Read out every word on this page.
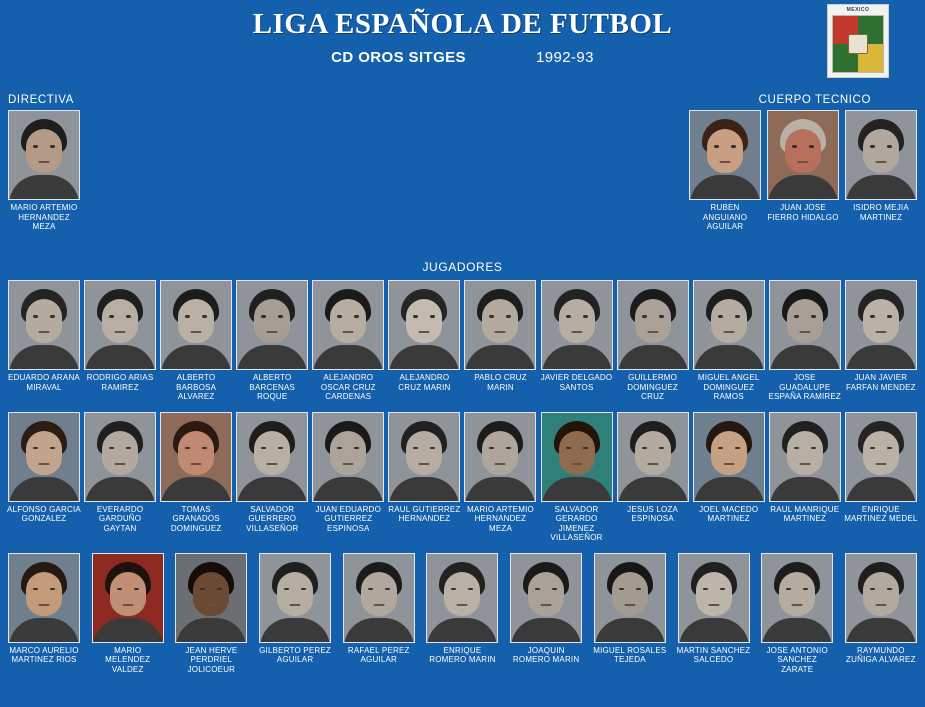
LIGA ESPAÑOLA DE FUTBOL
CD OROS SITGES	1992-93
MEXICO
DIRECTIVA	CUERPO TECNICO
JUGADORES
MARIO ARTEMIO HERNANDEZ MEZA
RUBEN ANGUIANO AGUILAR
JUAN JOSE FIERRO HIDALGO
ISIDRO MEJIA MARTINEZ
EDUARDO ARANA MIRAVAL
RODRIGO ARIAS RAMIREZ
ALBERTO BARBOSA ALVAREZ
ALBERTO BARCENAS ROQUE
ALEJANDRO OSCAR CRUZ CARDENAS
ALEJANDRO CRUZ MARIN
PABLO CRUZ MARIN
JAVIER DELGADO SANTOS
GUILLERMO DOMINGUEZ CRUZ
MIGUEL ANGEL DOMINGUEZ RAMOS
JOSE GUADALUPE ESPAÑA RAMIREZ
JUAN JAVIER FARFAN MENDEZ
ALFONSO GARCIA GONZALEZ
EVERARDO GARDUÑO GAYTAN
TOMAS GRANADOS DOMINGUEZ
SALVADOR GUERRERO VILLASEÑOR
JUAN EDUARDO GUTIERREZ ESPINOSA
RAUL GUTIERREZ HERNANDEZ
MARIO ARTEMIO HERNANDEZ MEZA
SALVADOR GERARDO JIMENEZ VILLASEÑOR
JESUS LOZA ESPINOSA
JOEL MACEDO MARTINEZ
RAUL MANRIQUE MARTINEZ
ENRIQUE MARTINEZ MEDEL
MARCO AURELIO MARTINEZ RIOS
MARIO MELENDEZ VALDEZ
JEAN HERVE PERDRIEL JOLICOEUR
GILBERTO PEREZ AGUILAR
RAFAEL PEREZ AGUILAR
ENRIQUE ROMERO MARIN
JOAQUIN ROMERO MARIN
MIGUEL ROSALES TEJEDA
MARTIN SANCHEZ SALCEDO
JOSE ANTONIO SANCHEZ ZARATE
RAYMUNDO ZUÑIGA ALVAREZ
